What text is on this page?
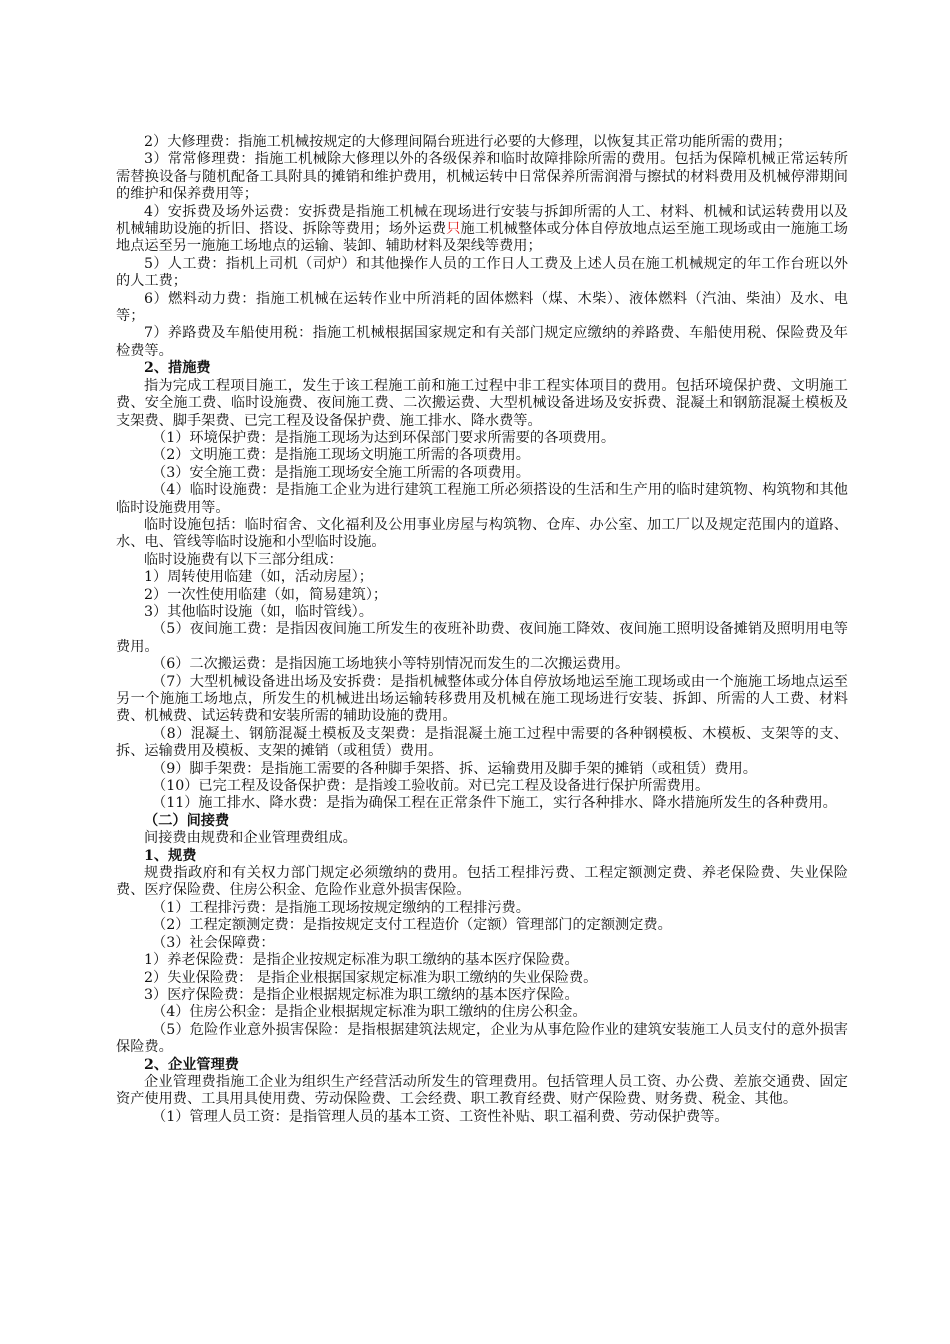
2）大修理费：指施工机械按规定的大修理间隔台班进行必要的大修理，以恢复其正常功能所需的费用；

3）常常修理费：指施工机械除大修理以外的各级保养和临时故障排除所需的费用。包括为保障机械正常运转所需替换设备与随机配备工具附具的摊销和维护费用，机械运转中日常保养所需润滑与擦拭的材料费用及机械停滞期间的维护和保养费用等；

4）安拆费及场外运费：安拆费是指施工机械在现场进行安装与拆卸所需的人工、材料、机械和试运转费用以及机械辅助设施的折旧、搭设、拆除等费用；场外运费只施工机械整体或分体自停放地点运至施工现场或由一施施工场地点运至另一施施工场地点的运输、装卸、辅助材料及架线等费用；

5）人工费：指机上司机（司炉）和其他操作人员的工作日人工费及上述人员在施工机械规定的年工作台班以外的人工费；

6）燃料动力费：指施工机械在运转作业中所消耗的固体燃料（煤、木柴）、液体燃料（汽油、柴油）及水、电等；

7）养路费及车船使用税：指施工机械根据国家规定和有关部门规定应缴纳的养路费、车船使用税、保险费及年检费等。

2、措施费

指为完成工程项目施工，发生于该工程施工前和施工过程中非工程实体项目的费用。包括环境保护费、文明施工费、安全施工费、临时设施费、夜间施工费、二次搬运费、大型机械设备进场及安拆费、混凝土和钢筋混凝土模板及支架费、脚手架费、已完工程及设备保护费、施工排水、降水费等。

（1）环境保护费：是指施工现场为达到环保部门要求所需要的各项费用。

（2）文明施工费：是指施工现场文明施工所需的各项费用。

（3）安全施工费：是指施工现场安全施工所需的各项费用。

（4）临时设施费：是指施工企业为进行建筑工程施工所必须搭设的生活和生产用的临时建筑物、构筑物和其他临时设施费用等。

临时设施包括：临时宿舍、文化福利及公用事业房屋与构筑物、仓库、办公室、加工厂以及规定范围内的道路、水、电、管线等临时设施和小型临时设施。

临时设施费有以下三部分组成：

1）周转使用临建（如，活动房屋）；

2）一次性使用临建（如，简易建筑）；

3）其他临时设施（如，临时管线）。

（5）夜间施工费：是指因夜间施工所发生的夜班补助费、夜间施工降效、夜间施工照明设备摊销及照明用电等费用。

（6）二次搬运费：是指因施工场地狭小等特别情况而发生的二次搬运费用。

（7）大型机械设备进出场及安拆费：是指机械整体或分体自停放场地运至施工现场或由一个施施工场地点运至另一个施施工场地点，所发生的机械进出场运输转移费用及机械在施工现场进行安装、拆卸、所需的人工费、材料费、机械费、试运转费和安装所需的辅助设施的费用。

（8）混凝土、钢筋混凝土模板及支架费：是指混凝土施工过程中需要的各种钢模板、木模板、支架等的支、拆、运输费用及模板、支架的摊销（或租赁）费用。

（9）脚手架费：是指施工需要的各种脚手架搭、拆、运输费用及脚手架的摊销（或租赁）费用。

（10）已完工程及设备保护费：是指竣工验收前。对已完工程及设备进行保护所需费用。

（11）施工排水、降水费：是指为确保工程在正常条件下施工，实行各种排水、降水措施所发生的各种费用。

（二）间接费

间接费由规费和企业管理费组成。

1、规费

规费指政府和有关权力部门规定必须缴纳的费用。包括工程排污费、工程定额测定费、养老保险费、失业保险费、医疗保险费、住房公积金、危险作业意外损害保险。

（1）工程排污费：是指施工现场按规定缴纳的工程排污费。

（2）工程定额测定费：是指按规定支付工程造价（定额）管理部门的定额测定费。

（3）社会保障费：

1）养老保险费：是指企业按规定标准为职工缴纳的基本医疗保险费。

2）失业保险费： 是指企业根据国家规定标准为职工缴纳的失业保险费。

3）医疗保险费：是指企业根据规定标准为职工缴纳的基本医疗保险。

（4）住房公积金：是指企业根据规定标准为职工缴纳的住房公积金。

（5）危险作业意外损害保险：是指根据建筑法规定，企业为从事危险作业的建筑安装施工人员支付的意外损害保险费。

2、企业管理费

企业管理费指施工企业为组织生产经营活动所发生的管理费用。包括管理人员工资、办公费、差旅交通费、固定资产使用费、工具用具使用费、劳动保险费、工会经费、职工教育经费、财产保险费、财务费、税金、其他。

（1）管理人员工资：是指管理人员的基本工资、工资性补贴、职工福利费、劳动保护费等。
